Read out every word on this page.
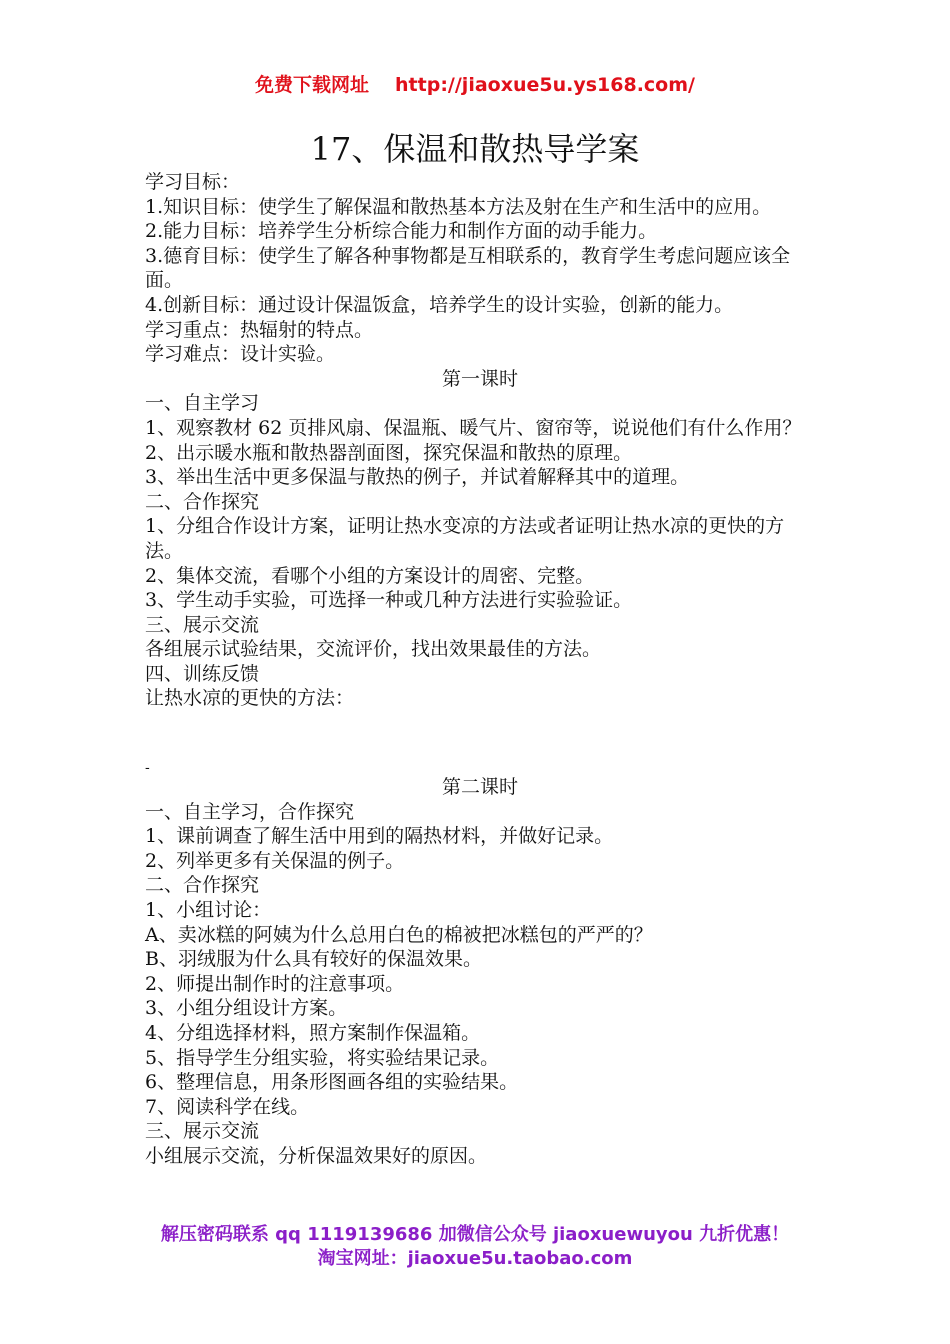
免费下载网址 http://jiaoxue5u.ys168.com/
17、保温和散热导学案
学习目标：
1.知识目标：使学生了解保温和散热基本方法及射在生产和生活中的应用。
2.能力目标：培养学生分析综合能力和制作方面的动手能力。
3.德育目标：使学生了解各种事物都是互相联系的，教育学生考虑问题应该全面。
4.创新目标：通过设计保温饭盒，培养学生的设计实验，创新的能力。
学习重点：热辐射的特点。
学习难点：设计实验。
第一课时
一、自主学习
1、观察教材 62 页排风扇、保温瓶、暖气片、窗帘等，说说他们有什么作用？
2、出示暖水瓶和散热器剖面图，探究保温和散热的原理。
3、举出生活中更多保温与散热的例子，并试着解释其中的道理。
二、合作探究
1、分组合作设计方案，证明让热水变凉的方法或者证明让热水凉的更快的方法。
2、集体交流，看哪个小组的方案设计的周密、完整。
3、学生动手实验，可选择一种或几种方法进行实验验证。
三、展示交流
各组展示试验结果，交流评价，找出效果最佳的方法。
四、训练反馈
让热水凉的更快的方法：
-
第二课时
一、自主学习，合作探究
1、课前调查了解生活中用到的隔热材料，并做好记录。
2、列举更多有关保温的例子。
二、合作探究
1、小组讨论：
A、卖冰糕的阿姨为什么总用白色的棉被把冰糕包的严严的？
B、羽绒服为什么具有较好的保温效果。
2、师提出制作时的注意事项。
3、小组分组设计方案。
4、分组选择材料，照方案制作保温箱。
5、指导学生分组实验，将实验结果记录。
6、整理信息，用条形图画各组的实验结果。
7、阅读科学在线。
三、展示交流
小组展示交流，分析保温效果好的原因。
解压密码联系 qq 1119139686 加微信公众号 jiaoxuewuyou 九折优惠！
淘宝网址：jiaoxue5u.taobao.com
